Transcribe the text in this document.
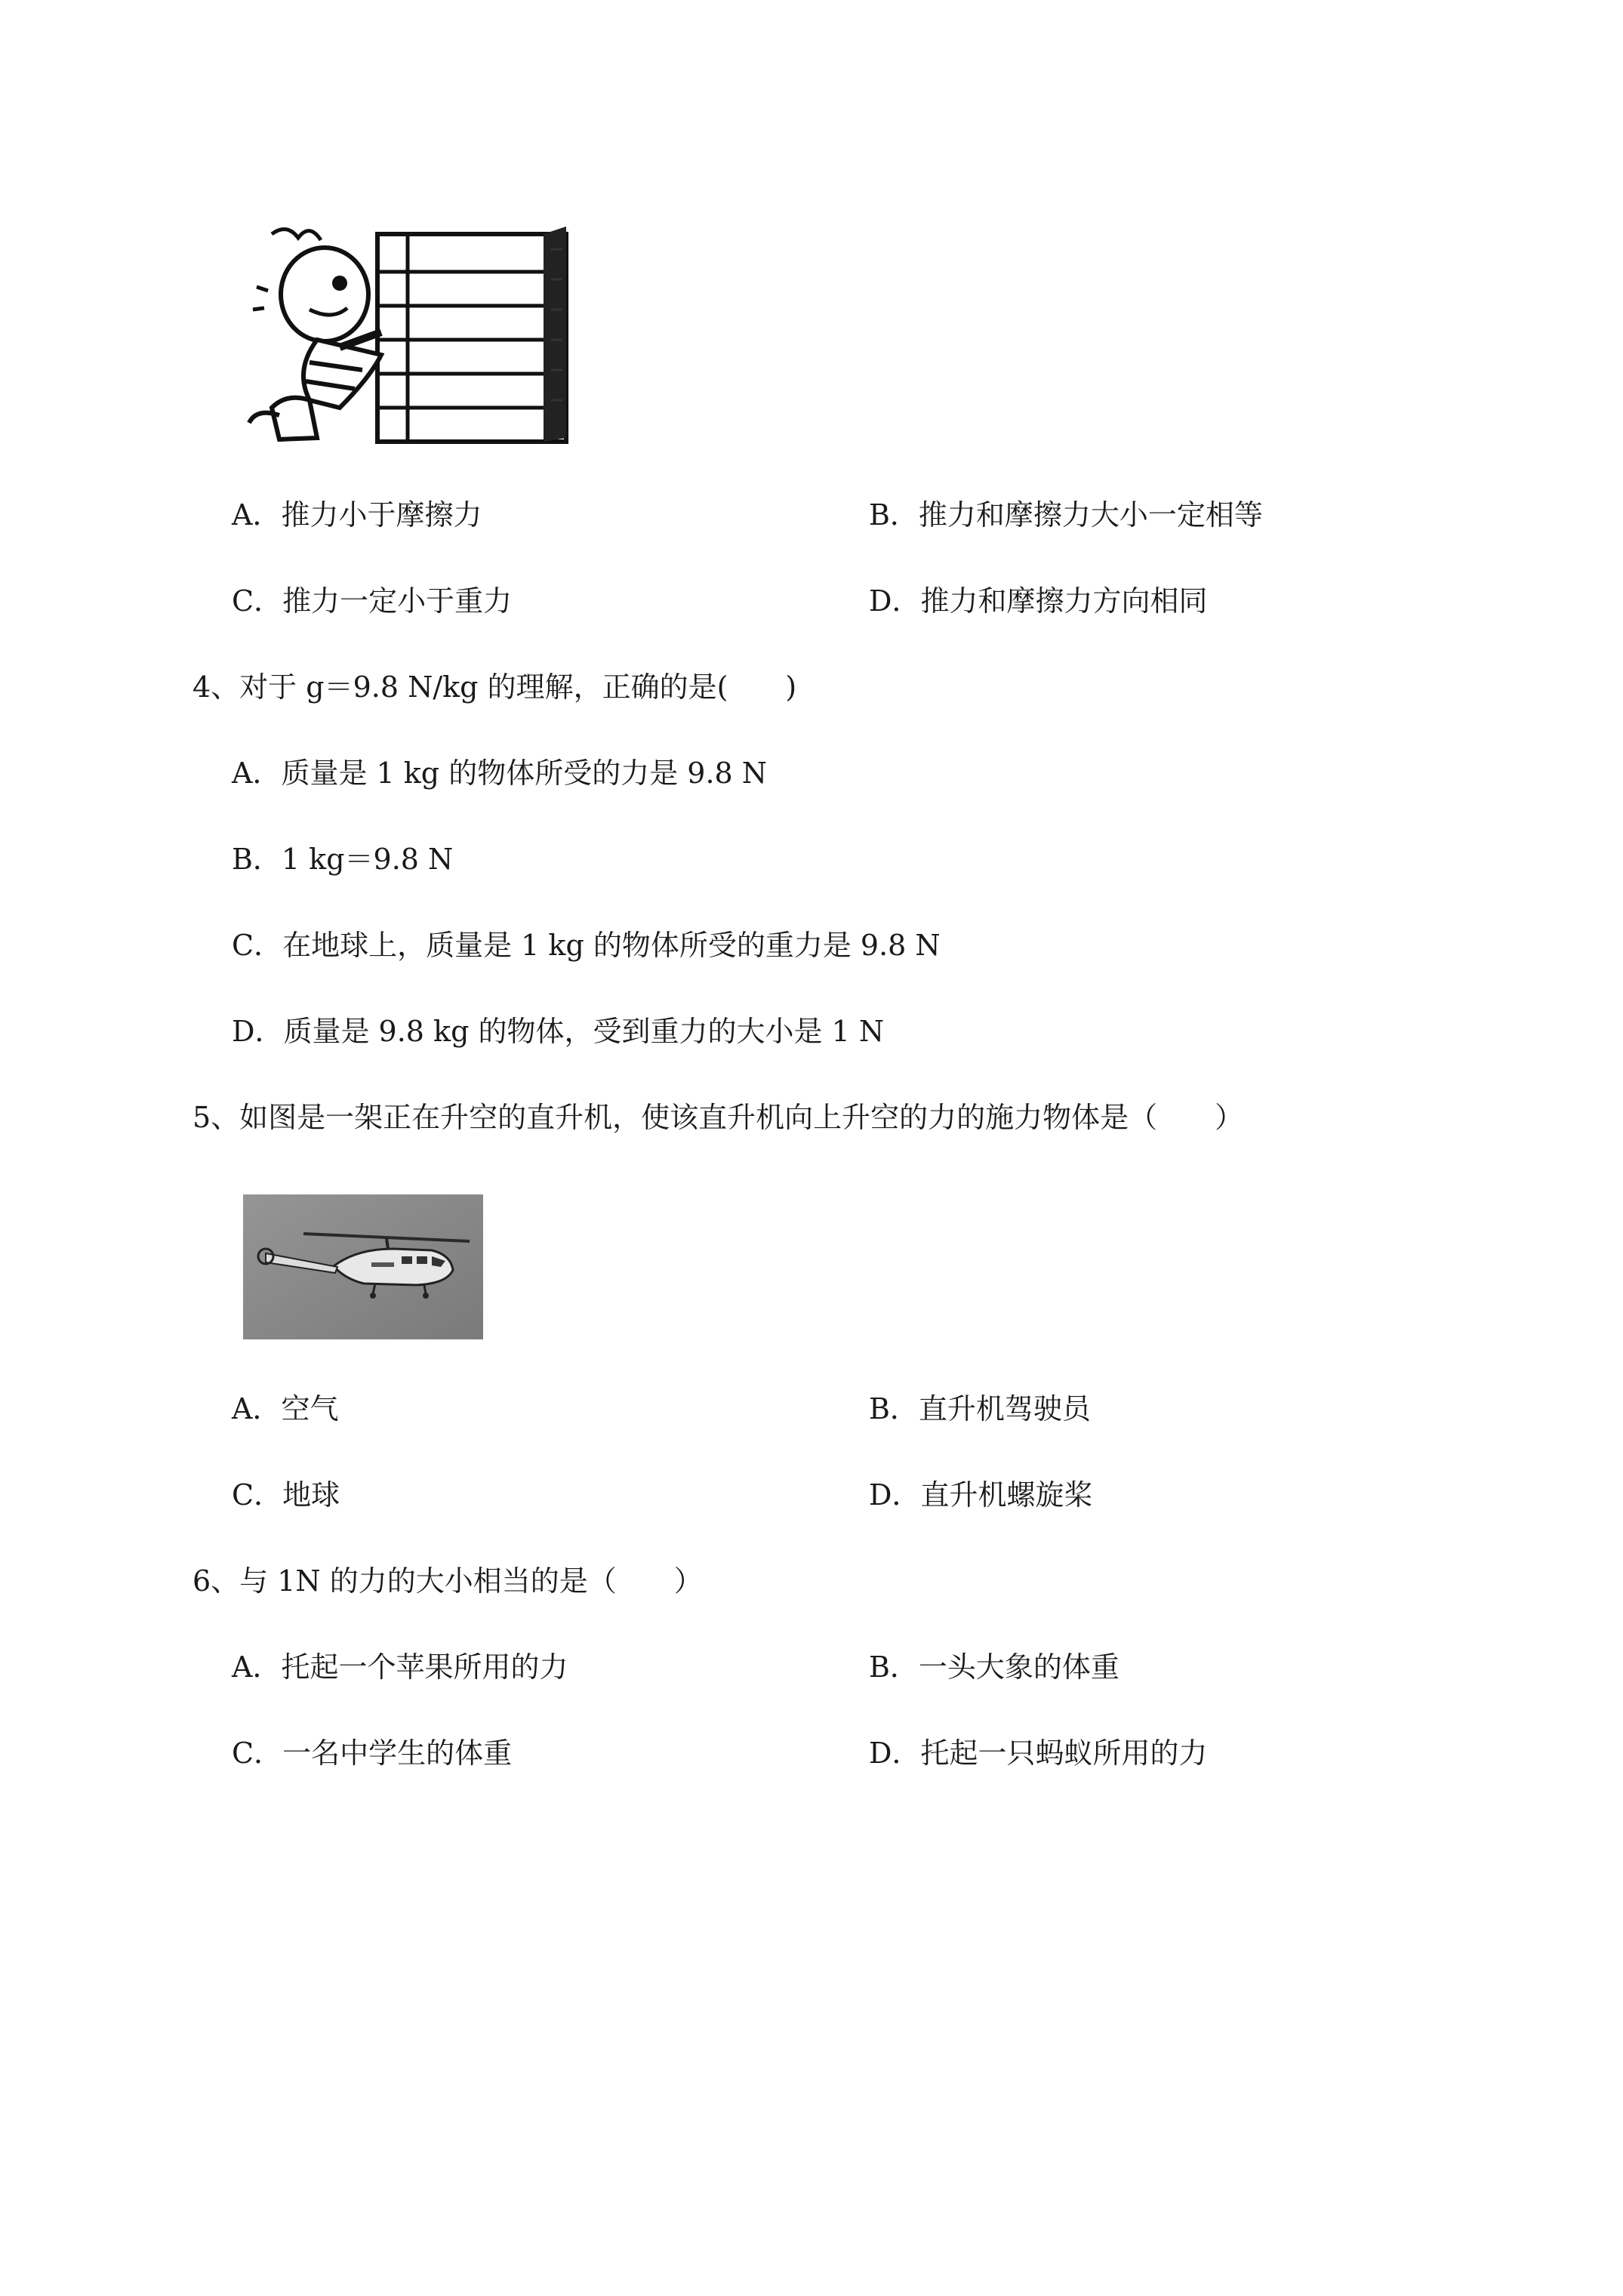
A．推力小于摩擦力	B．推力和摩擦力大小一定相等
C．推力一定小于重力	D．推力和摩擦力方向相同
4、对于 g＝9.8 N/kg 的理解，正确的是(　　)
A．质量是 1 kg 的物体所受的力是 9.8 N
B．1 kg＝9.8 N
C．在地球上，质量是 1 kg 的物体所受的重力是 9.8 N
D．质量是 9.8 kg 的物体，受到重力的大小是 1 N
5、如图是一架正在升空的直升机，使该直升机向上升空的力的施力物体是（　　）
A．空气	B．直升机驾驶员
C．地球	D．直升机螺旋桨
6、与 1N 的力的大小相当的是（　　）
A．托起一个苹果所用的力	B．一头大象的体重
C．一名中学生的体重	D．托起一只蚂蚁所用的力
